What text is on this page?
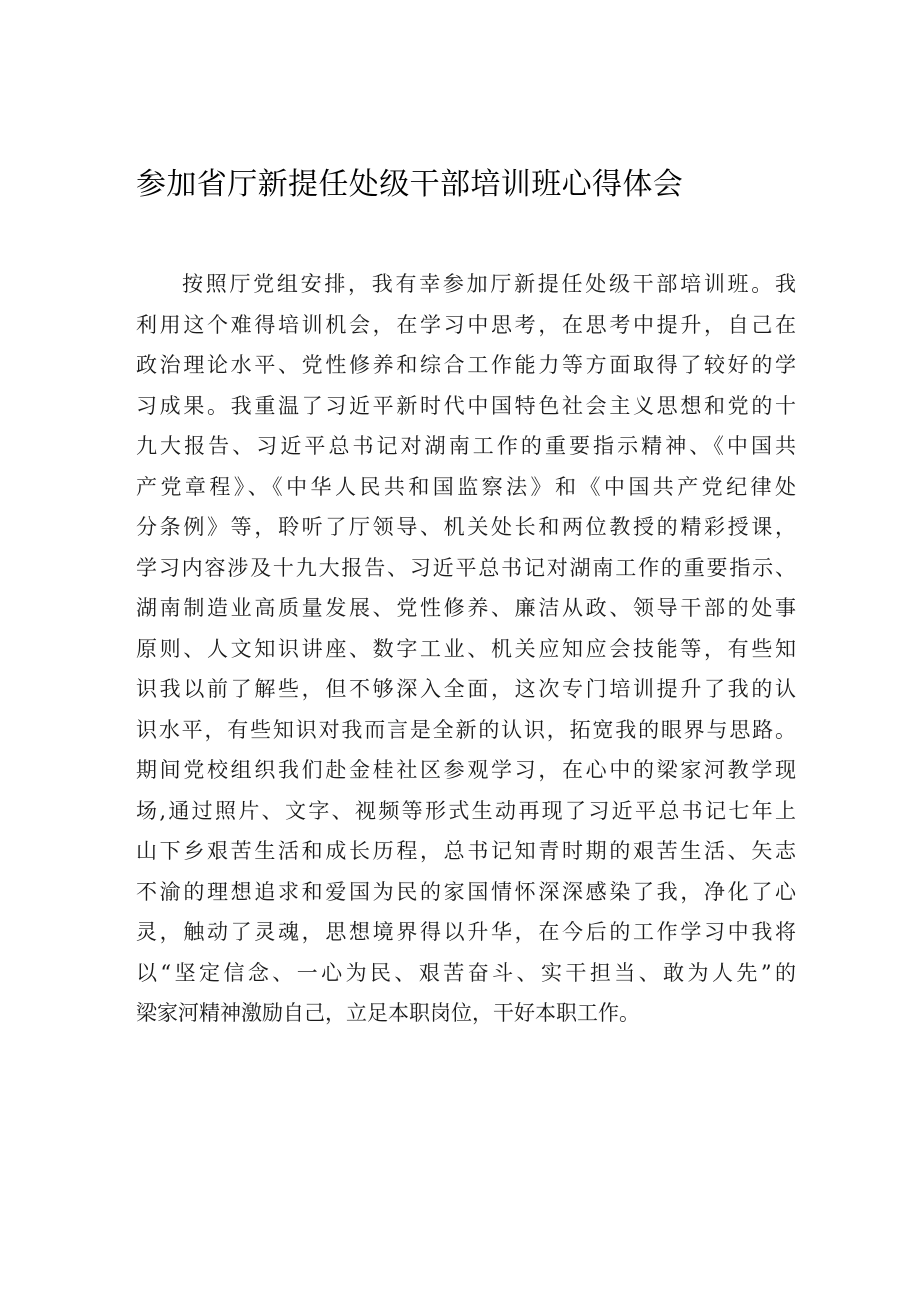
参加省厅新提任处级干部培训班心得体会
按照厅党组安排，我有幸参加厅新提任处级干部培训班。我
利用这个难得培训机会，在学习中思考，在思考中提升，自己在
政治理论水平、党性修养和综合工作能力等方面取得了较好的学
习成果。我重温了习近平新时代中国特色社会主义思想和党的十
九大报告、习近平总书记对湖南工作的重要指示精神、《中国共
产党章程》、《中华人民共和国监察法》和《中国共产党纪律处
分条例》等，聆听了厅领导、机关处长和两位教授的精彩授课，
学习内容涉及十九大报告、习近平总书记对湖南工作的重要指示、
湖南制造业高质量发展、党性修养、廉洁从政、领导干部的处事
原则、人文知识讲座、数字工业、机关应知应会技能等，有些知
识我以前了解些，但不够深入全面，这次专门培训提升了我的认
识水平，有些知识对我而言是全新的认识，拓宽我的眼界与思路。
期间党校组织我们赴金桂社区参观学习，在心中的梁家河教学现
场,通过照片、文字、视频等形式生动再现了习近平总书记七年上
山下乡艰苦生活和成长历程，总书记知青时期的艰苦生活、矢志
不渝的理想追求和爱国为民的家国情怀深深感染了我，净化了心
灵，触动了灵魂，思想境界得以升华，在今后的工作学习中我将
以“坚定信念、一心为民、艰苦奋斗、实干担当、敢为人先”的
梁家河精神激励自己，立足本职岗位，干好本职工作。
